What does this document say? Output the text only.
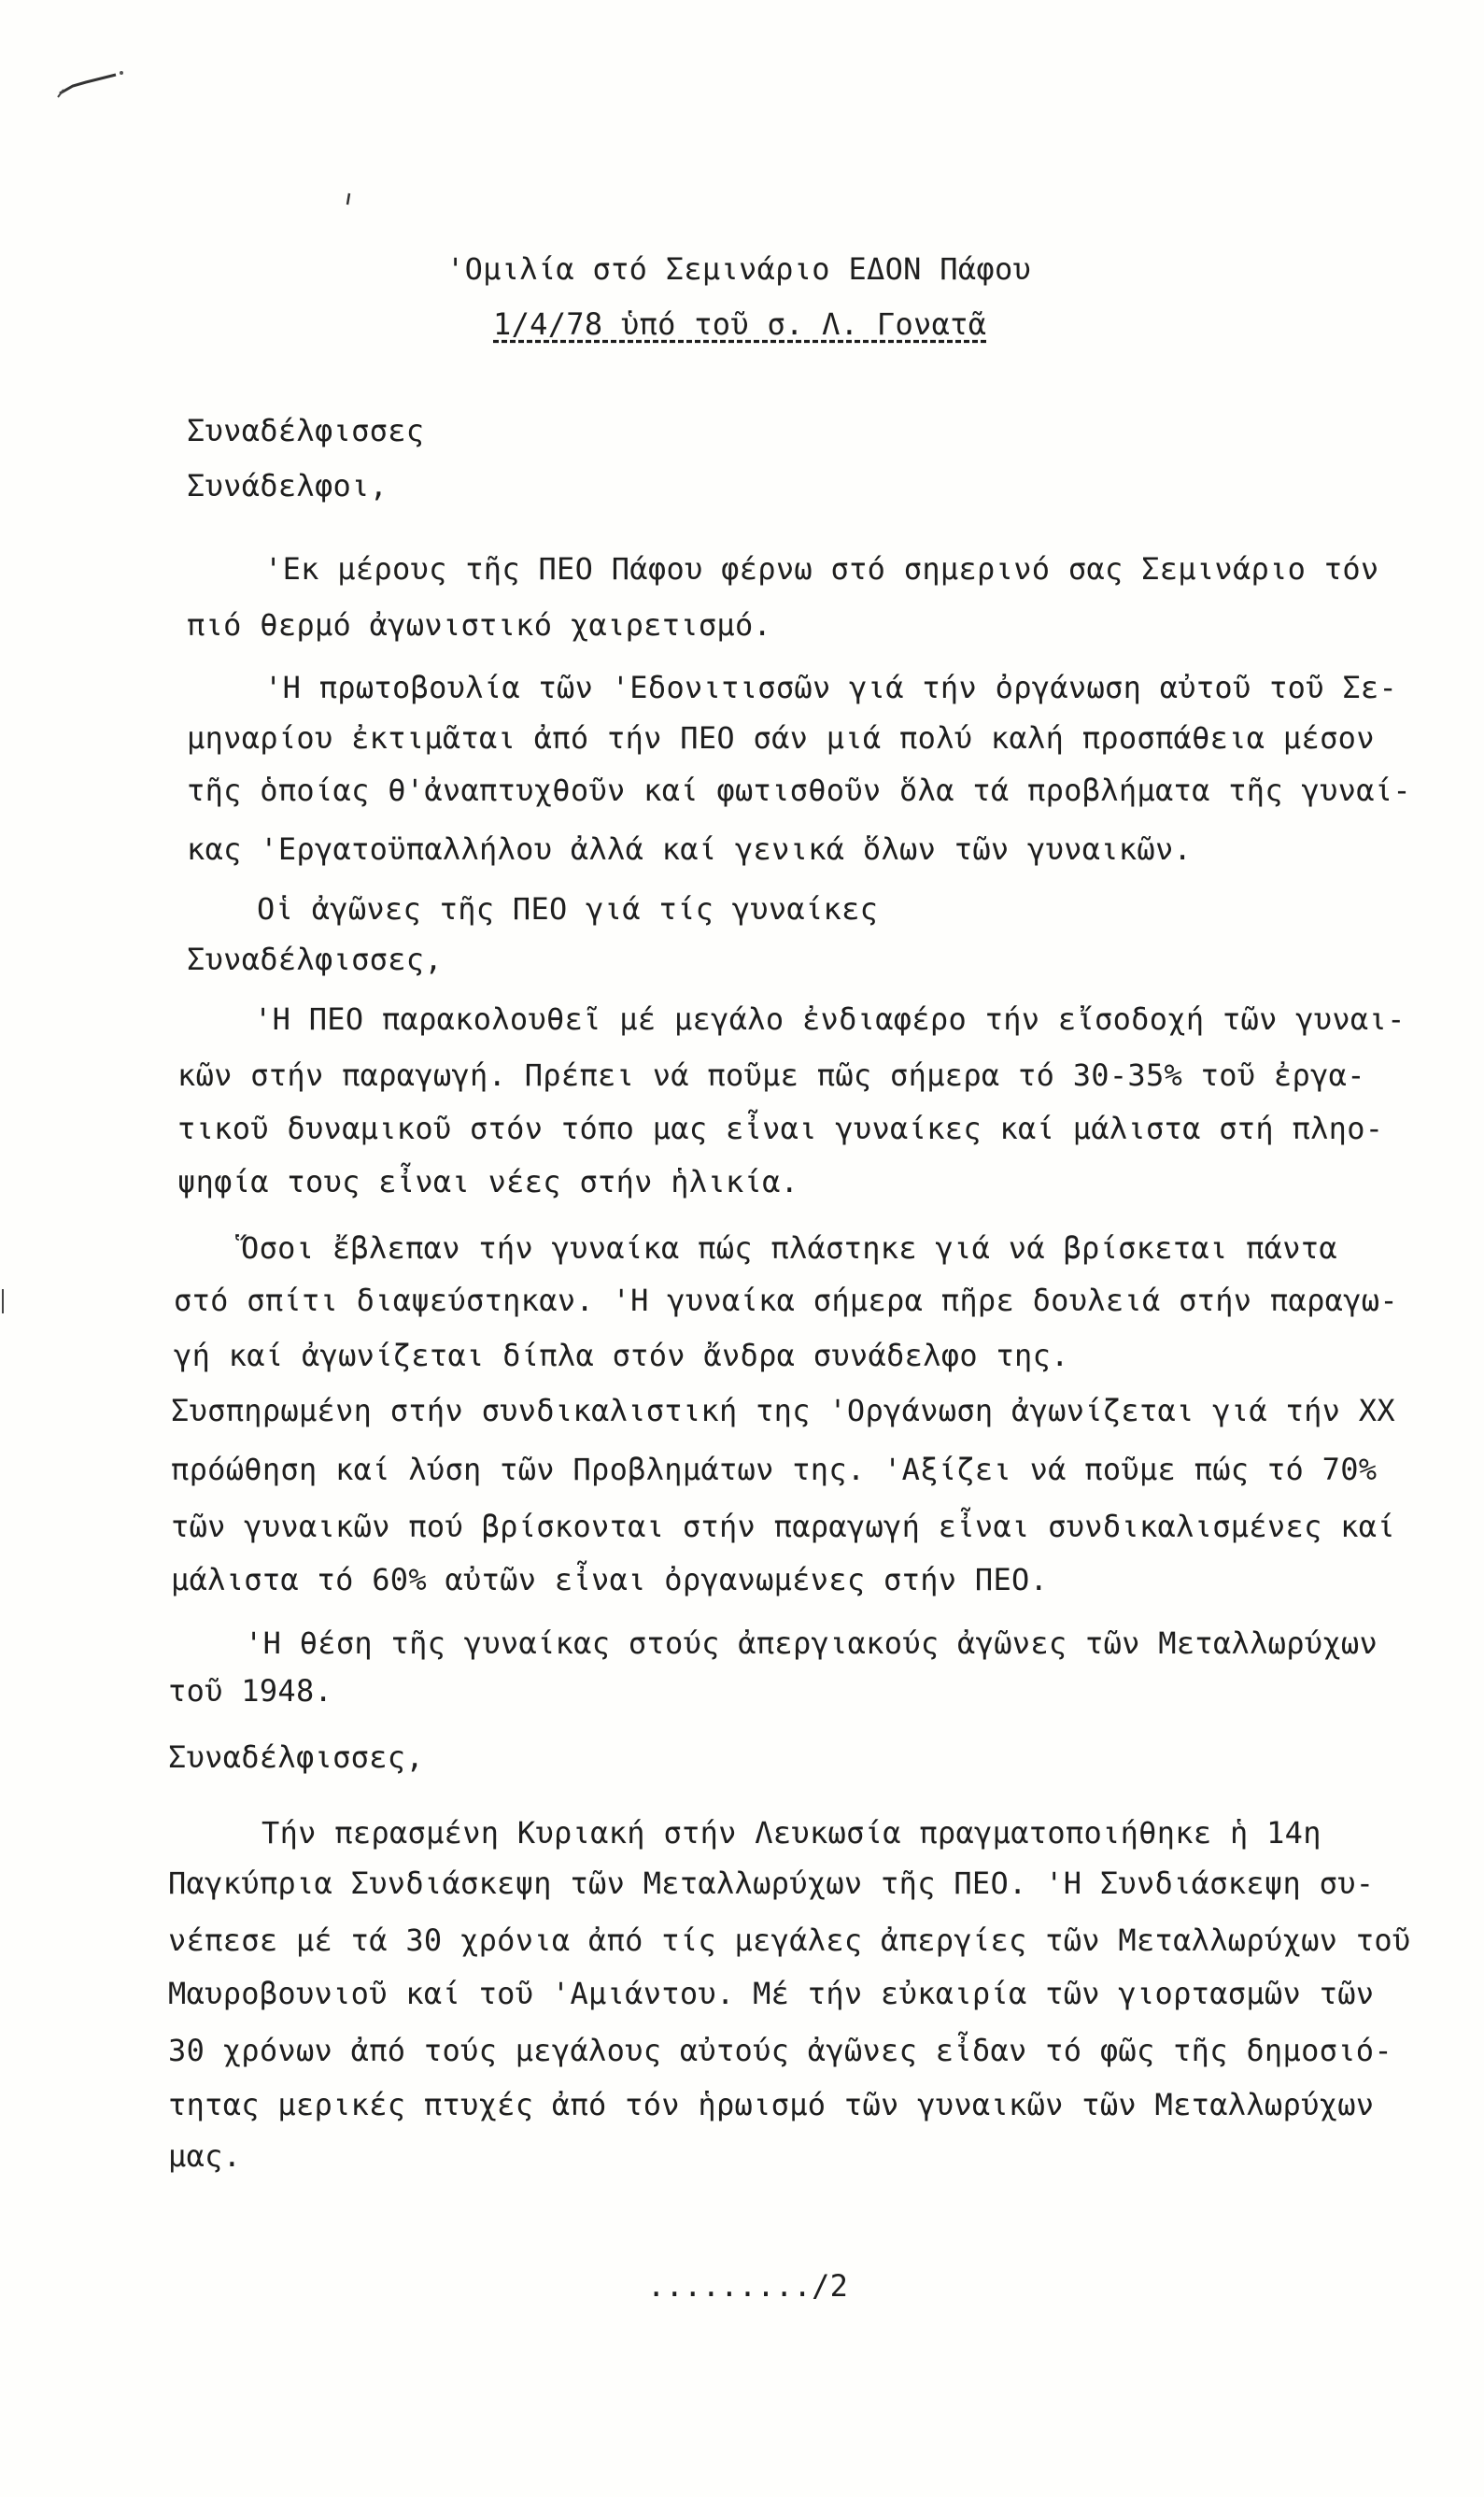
'Ομιλία στό Σεμινάριο ΕΔΟΝ Πάφου
1/4/78 ὑπό τοῦ σ. Λ. Γονατᾶ
Συναδέλφισσες
Συνάδελφοι,
'Εκ μέρους τῆς ΠΕΟ Πάφου φέρνω στό σημερινό σας Σεμινάριο τόν
πιό θερμό ἀγωνιστικό χαιρετισμό.
'Η πρωτοβουλία τῶν 'Εδονιτισσῶν γιά τήν ὀργάνωση αὐτοῦ τοῦ Σε-
μηναρίου ἐκτιμᾶται ἀπό τήν ΠΕΟ σάν μιά πολύ καλή προσπάθεια μέσον
τῆς ὁποίας θ'ἀναπτυχθοῦν καί φωτισθοῦν ὅλα τά προβλήματα τῆς γυναί-
κας 'Εργατοϋπαλλήλου ἀλλά καί γενικά ὅλων τῶν γυναικῶν.
Οἱ ἀγῶνες τῆς ΠΕΟ γιά τίς γυναίκες
Συναδέλφισσες,
'Η ΠΕΟ παρακολουθεῖ μέ μεγάλο ἐνδιαφέρο τήν εἴσοδοχή τῶν γυναι-
κῶν στήν παραγωγή. Πρέπει νά ποῦμε πῶς σήμερα τό 30-35% τοῦ ἐργα-
τικοῦ δυναμικοῦ στόν τόπο μας εἶναι γυναίκες καί μάλιστα στή πληο-
ψηφία τους εἶναι νέες στήν ἡλικία.
Ὅσοι ἔβλεπαν τήν γυναίκα πώς πλάστηκε γιά νά βρίσκεται πάντα
στό σπίτι διαψεύστηκαν. 'Η γυναίκα σήμερα πῆρε δουλειά στήν παραγω-
γή καί ἀγωνίζεται δίπλα στόν ἄνδρα συνάδελφο της.
Συσπηρωμένη στήν συνδικαλιστική της 'Οργάνωση ἀγωνίζεται γιά τήν ΧΧ
πρόώθηση καί λύση τῶν Προβλημάτων της. 'Αξίζει νά ποῦμε πώς τό 70%
τῶν γυναικῶν πού βρίσκονται στήν παραγωγή εἶναι συνδικαλισμένες καί
μάλιστα τό 60% αὐτῶν εἶναι ὀργανωμένες στήν ΠΕΟ.
'Η θέση τῆς γυναίκας στούς ἀπεργιακούς ἀγῶνες τῶν Μεταλλωρύχων
τοῦ 1948.
Συναδέλφισσες,
Τήν περασμένη Κυριακή στήν Λευκωσία πραγματοποιήθηκε ἡ 14η
Παγκύπρια Συνδιάσκεψη τῶν Μεταλλωρύχων τῆς ΠΕΟ. 'Η Συνδιάσκεψη συ-
νέπεσε μέ τά 30 χρόνια ἀπό τίς μεγάλες ἀπεργίες τῶν Μεταλλωρύχων τοῦ
Μαυροβουνιοῦ καί τοῦ 'Αμιάντου. Μέ τήν εὐκαιρία τῶν γιορτασμῶν τῶν
30 χρόνων ἀπό τούς μεγάλους αὐτούς ἀγῶνες εἶδαν τό φῶς τῆς δημοσιό-
τητας μερικές πτυχές ἀπό τόν ἡρωισμό τῶν γυναικῶν τῶν Μεταλλωρύχων
μας.
........./2
